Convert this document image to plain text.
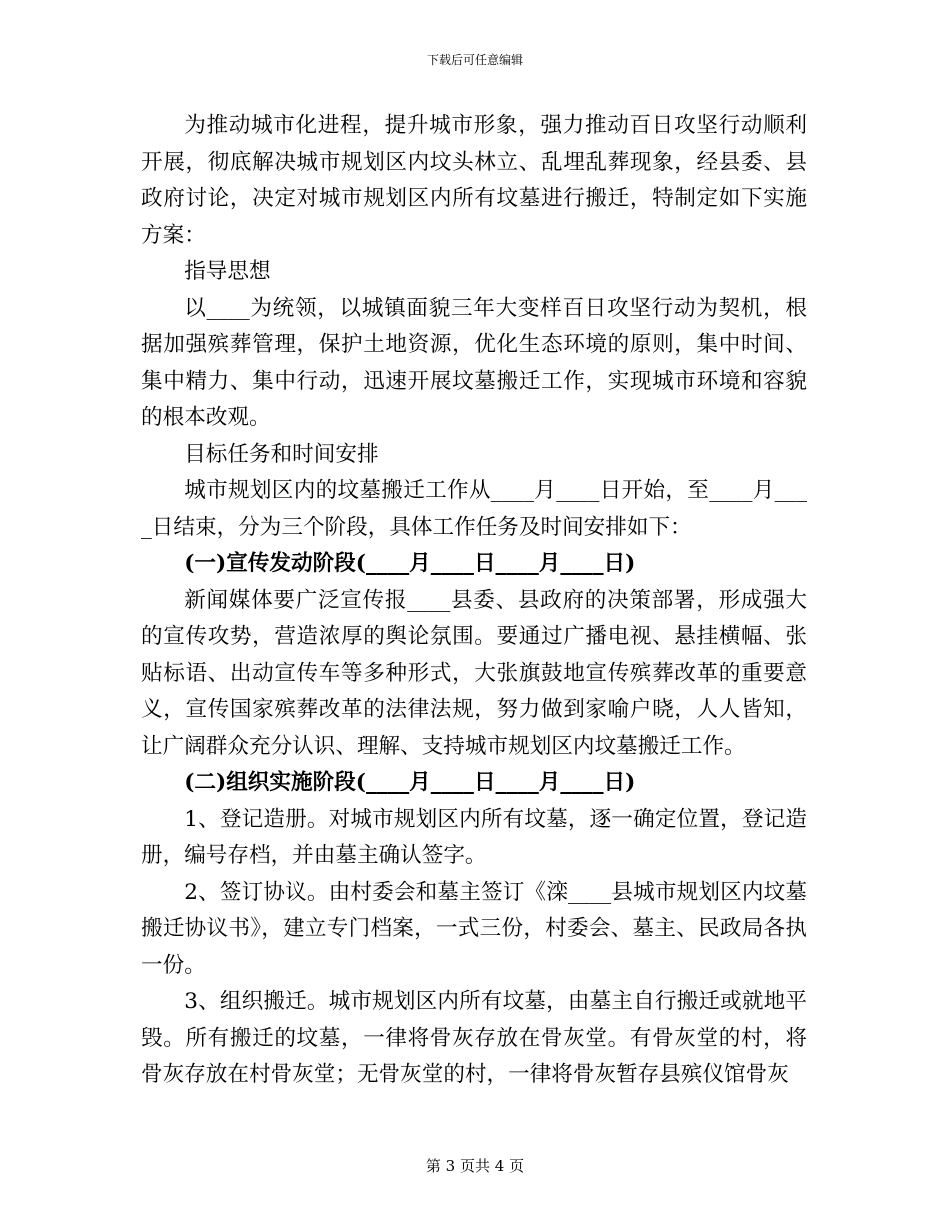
下载后可任意编辑

为推动城市化进程，提升城市形象，强力推动百日攻坚行动顺利开展，彻底解决城市规划区内坟头林立、乱埋乱葬现象，经县委、县政府讨论，决定对城市规划区内所有坟墓进行搬迁，特制定如下实施方案：

指导思想

以____为统领，以城镇面貌三年大变样百日攻坚行动为契机，根据加强殡葬管理，保护土地资源，优化生态环境的原则，集中时间、集中精力、集中行动，迅速开展坟墓搬迁工作，实现城市环境和容貌的根本改观。

目标任务和时间安排

城市规划区内的坟墓搬迁工作从____月____日开始，至____月____日结束，分为三个阶段，具体工作任务及时间安排如下：

(一)宣传发动阶段(____月____日____月____日)

新闻媒体要广泛宣传报____县委、县政府的决策部署，形成强大的宣传攻势，营造浓厚的舆论氛围。要通过广播电视、悬挂横幅、张贴标语、出动宣传车等多种形式，大张旗鼓地宣传殡葬改革的重要意义，宣传国家殡葬改革的法律法规，努力做到家喻户晓，人人皆知，让广阔群众充分认识、理解、支持城市规划区内坟墓搬迁工作。

(二)组织实施阶段(____月____日____月____日)

1、登记造册。对城市规划区内所有坟墓，逐一确定位置，登记造册，编号存档，并由墓主确认签字。

2、签订协议。由村委会和墓主签订《滦____县城市规划区内坟墓搬迁协议书》，建立专门档案，一式三份，村委会、墓主、民政局各执一份。

3、组织搬迁。城市规划区内所有坟墓，由墓主自行搬迁或就地平毁。所有搬迁的坟墓，一律将骨灰存放在骨灰堂。有骨灰堂的村，将骨灰存放在村骨灰堂；无骨灰堂的村，一律将骨灰暂存县殡仪馆骨灰

第 3 页共 4 页
